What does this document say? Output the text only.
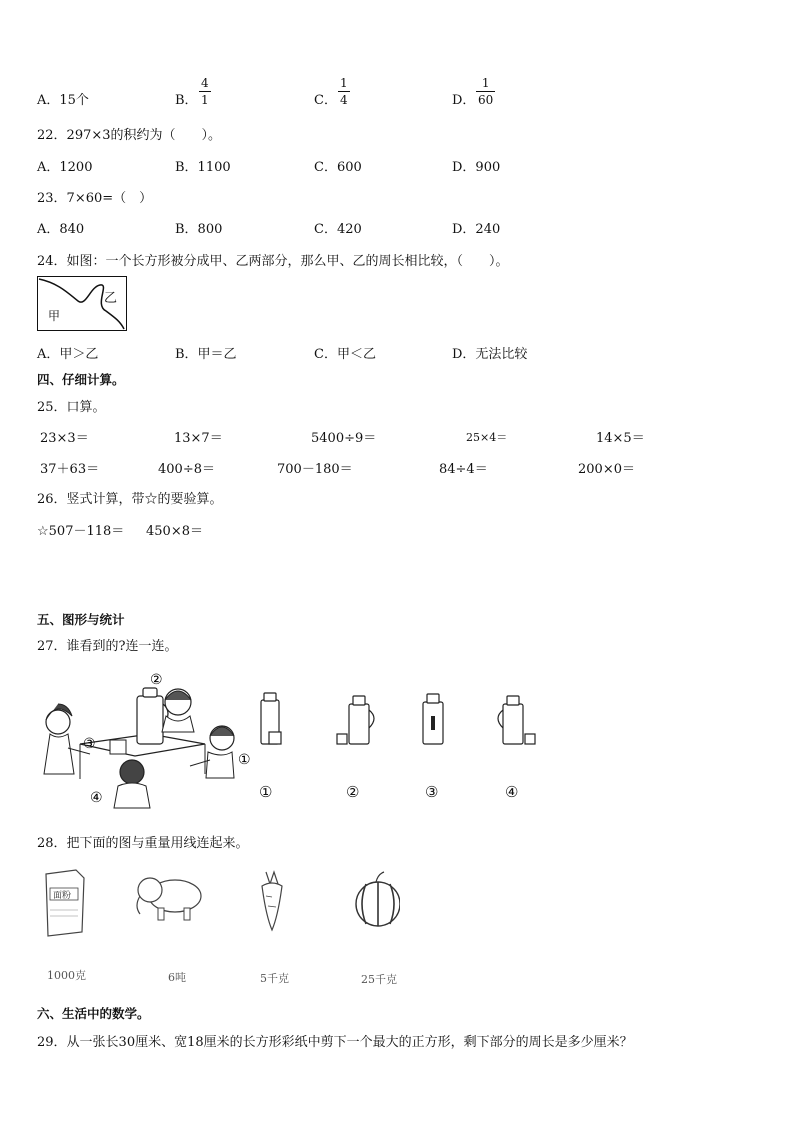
A．15个	B．
4
1	C．
1
4	D．
1
60
22．297×3的积约为（　　）。
A．1200	B．1100	C．600	D．900
23．7×60=（　）
A．840	B．800	C．420	D．240
24．如图：一个长方形被分成甲、乙两部分，那么甲、乙的周长相比较，（　　）。
甲
乙
A．甲＞乙	B．甲＝乙	C．甲＜乙	D．无法比较
四、仔细计算。
25．口算。
23×3＝	13×7＝	5400÷9＝	25×4＝	14×5＝
37＋63＝	400÷8＝	700－180＝	84÷4＝	200×0＝
26．竖式计算，带☆的要验算。
☆507－118＝ 450×8＝
五、图形与统计
27．谁看到的?连一连。
②
③
①
④	①	②	③	④
28．把下面的图与重量用线连起来。
面粉
1000克	6吨	5千克	25千克
六、生活中的数学。
29．从一张长30厘米、宽18厘米的长方形彩纸中剪下一个最大的正方形，剩下部分的周长是多少厘米？
